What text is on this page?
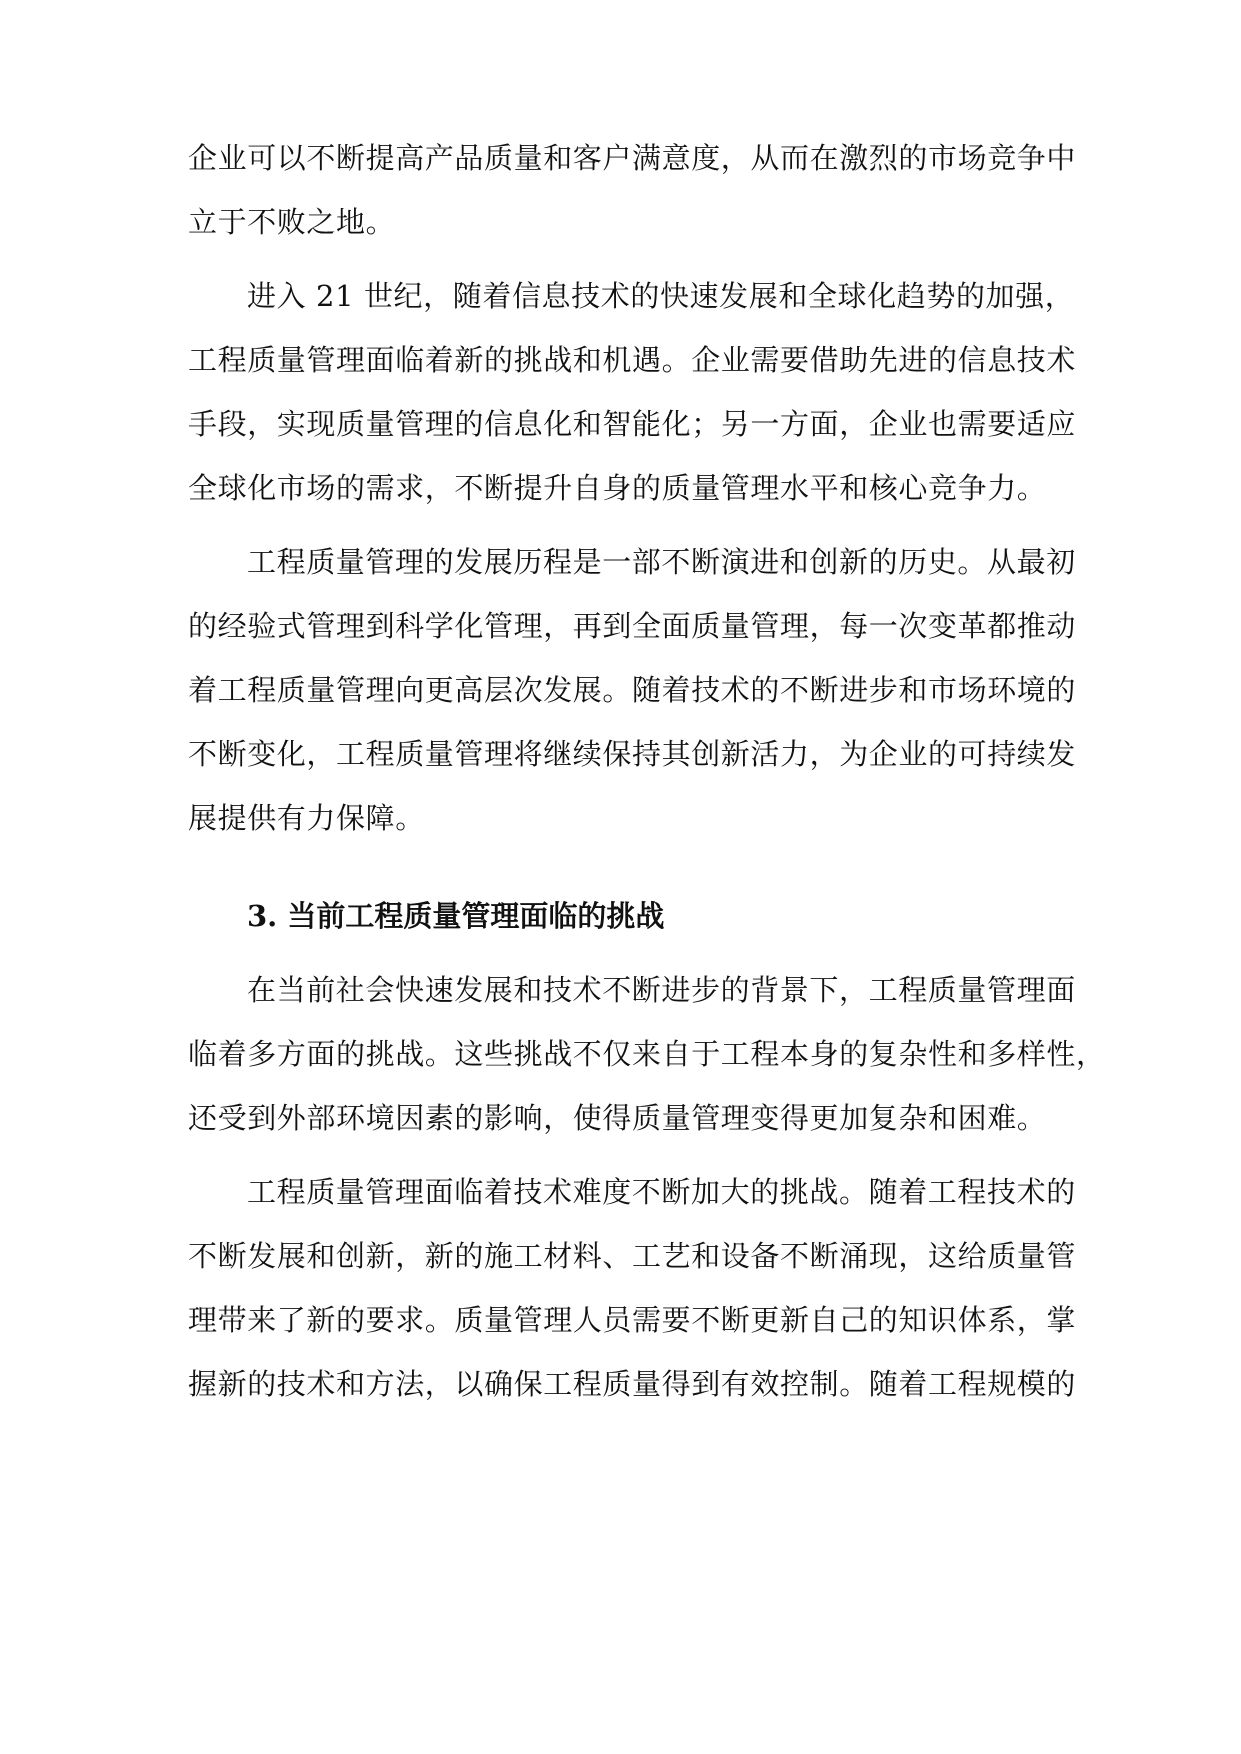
企业可以不断提高产品质量和客户满意度，从而在激烈的市场竞争中
立于不败之地。
进入 21 世纪，随着信息技术的快速发展和全球化趋势的加强，
工程质量管理面临着新的挑战和机遇。企业需要借助先进的信息技术
手段，实现质量管理的信息化和智能化；另一方面，企业也需要适应
全球化市场的需求，不断提升自身的质量管理水平和核心竞争力。
工程质量管理的发展历程是一部不断演进和创新的历史。从最初
的经验式管理到科学化管理，再到全面质量管理，每一次变革都推动
着工程质量管理向更高层次发展。随着技术的不断进步和市场环境的
不断变化，工程质量管理将继续保持其创新活力，为企业的可持续发
展提供有力保障。
3. 当前工程质量管理面临的挑战
在当前社会快速发展和技术不断进步的背景下，工程质量管理面
临着多方面的挑战。这些挑战不仅来自于工程本身的复杂性和多样性，
还受到外部环境因素的影响，使得质量管理变得更加复杂和困难。
工程质量管理面临着技术难度不断加大的挑战。随着工程技术的
不断发展和创新，新的施工材料、工艺和设备不断涌现，这给质量管
理带来了新的要求。质量管理人员需要不断更新自己的知识体系，掌
握新的技术和方法，以确保工程质量得到有效控制。随着工程规模的
